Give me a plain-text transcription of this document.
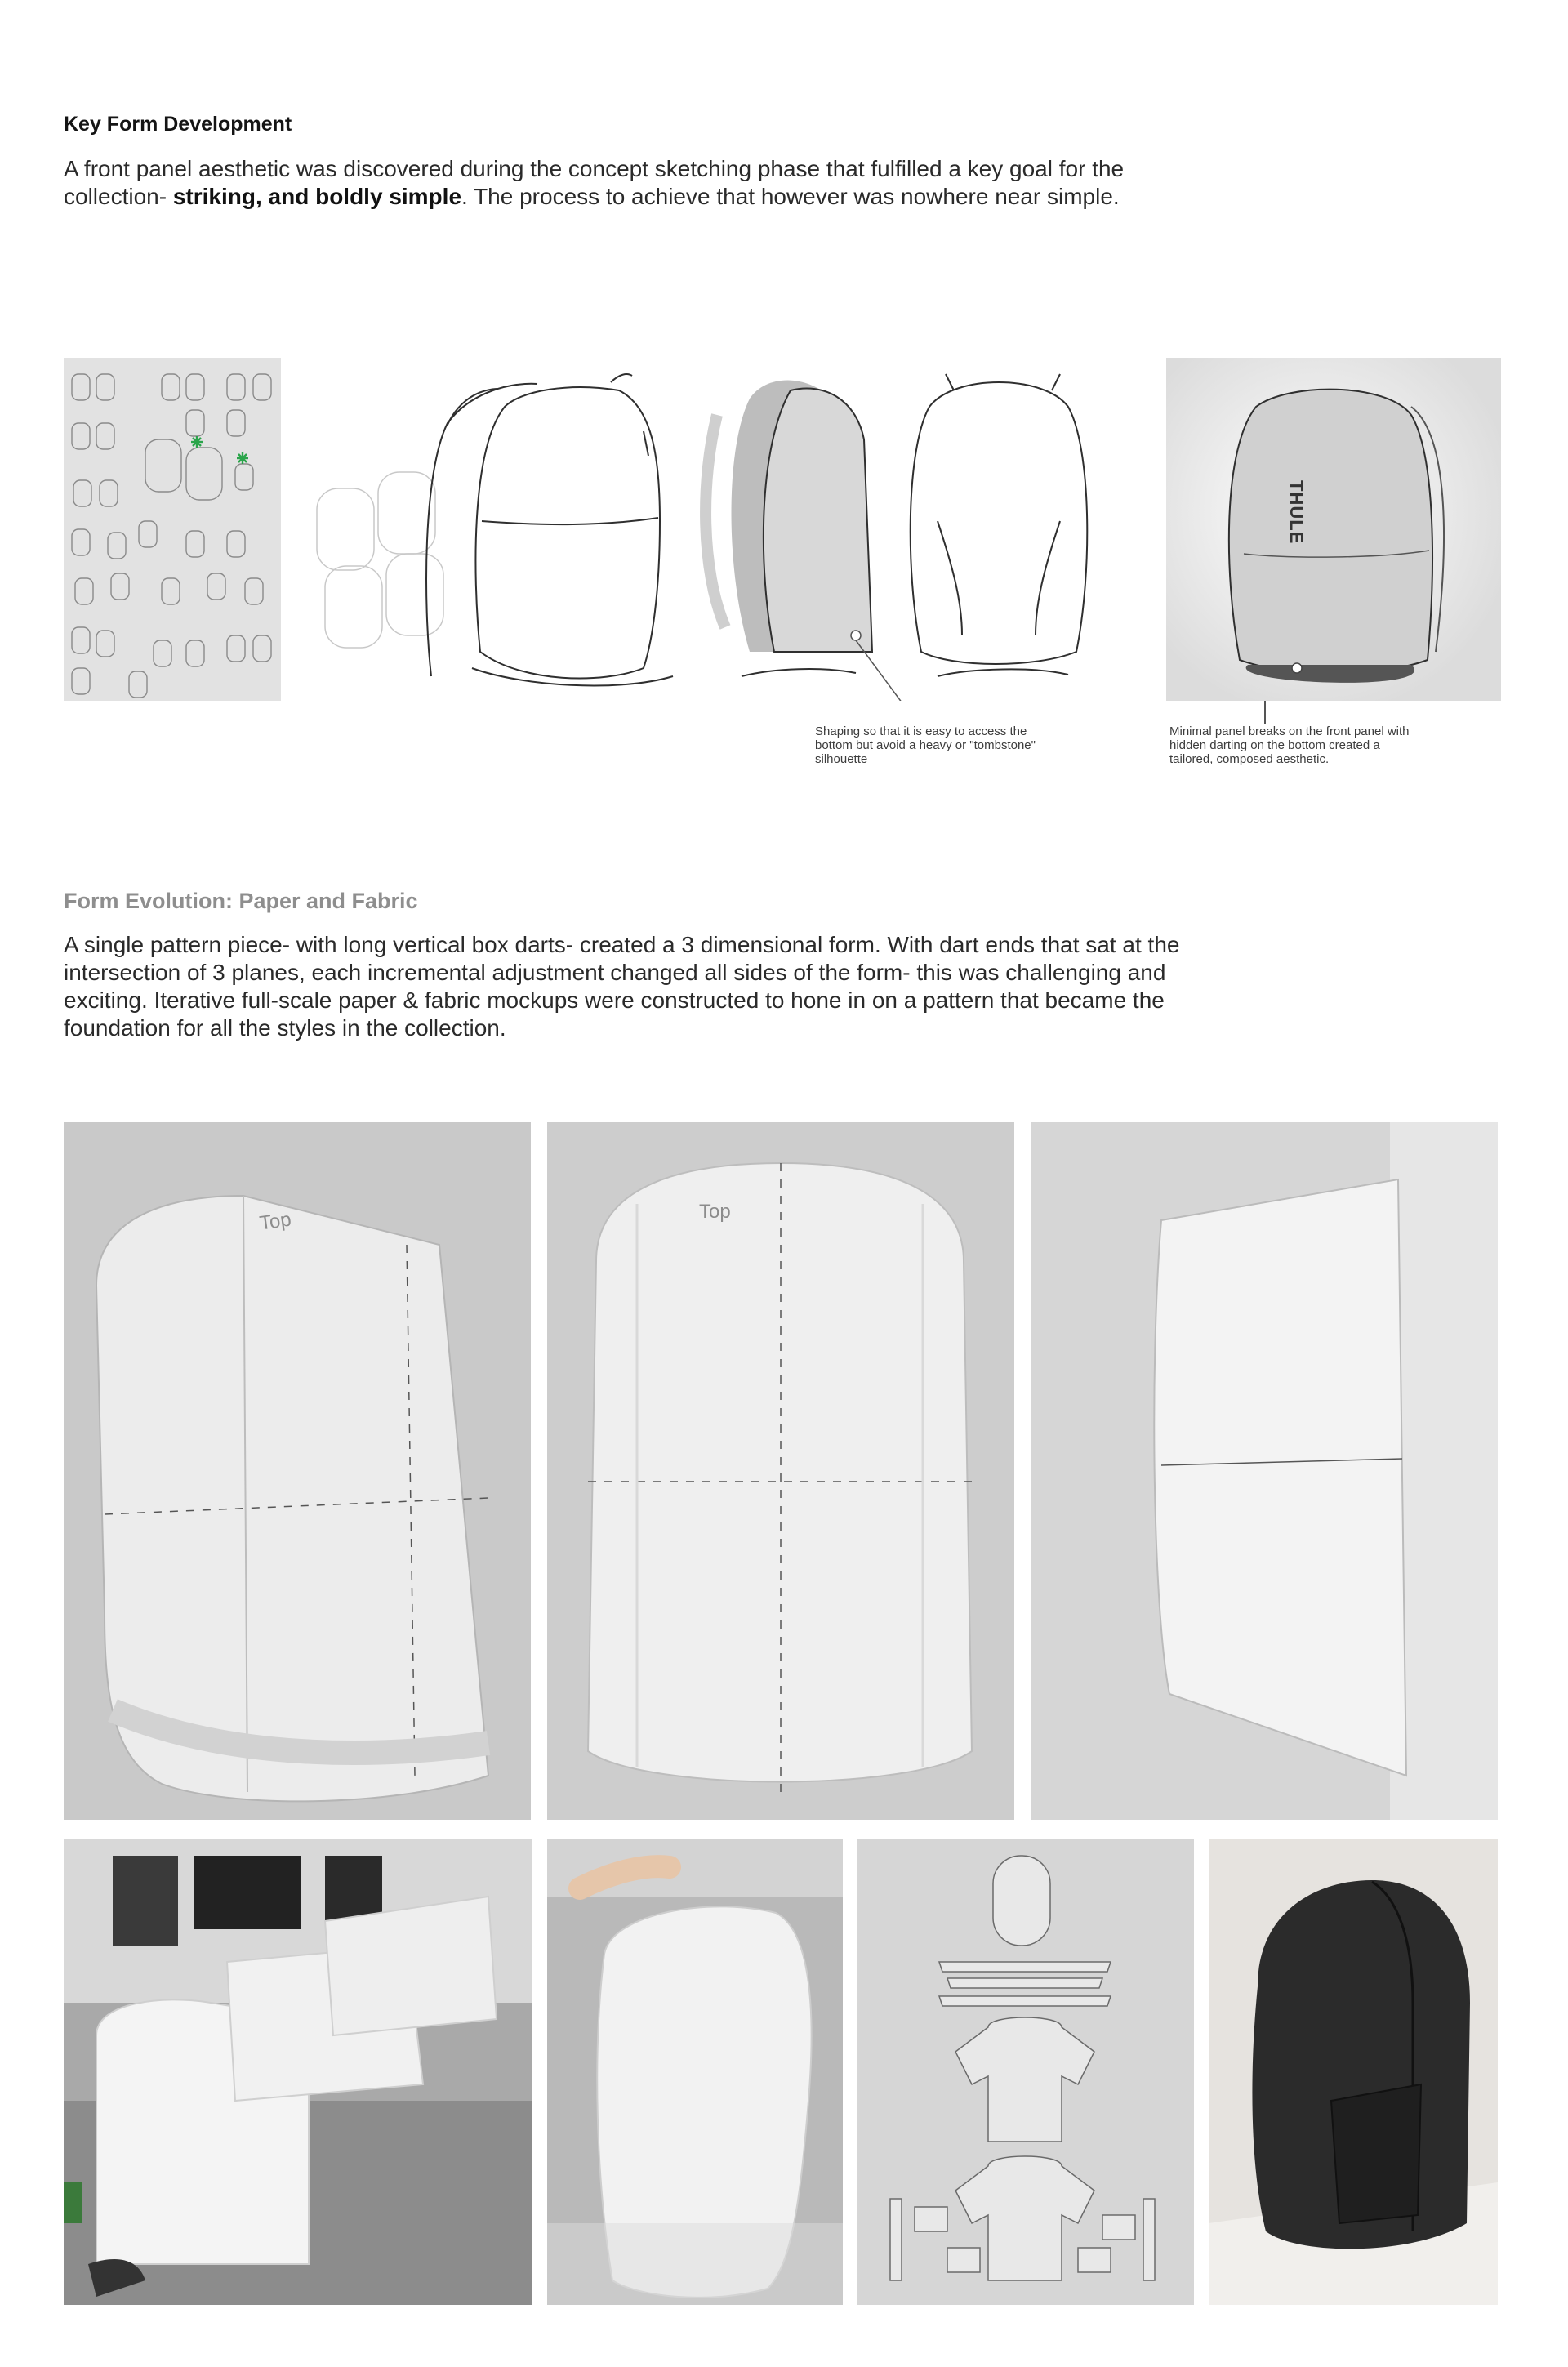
Key Form Development
A front panel aesthetic was discovered during the concept sketching phase that fulfilled a key goal for the collection- striking, and boldly simple. The process to achieve that however was nowhere near simple.
Shaping so that it is easy to access the bottom but avoid a heavy or "tombstone" silhouette
THULE
Minimal panel breaks on the front panel with hidden darting on the bottom created a tailored, composed aesthetic.
Form Evolution: Paper and Fabric
A single pattern piece- with long vertical box darts- created a 3 dimensional form. With dart ends that sat at the intersection of 3 planes, each incremental adjustment changed all sides of the form- this was challenging and exciting. Iterative full-scale paper & fabric mockups were constructed to hone in on a pattern that became the foundation for all the styles in the collection.
Top	Top
